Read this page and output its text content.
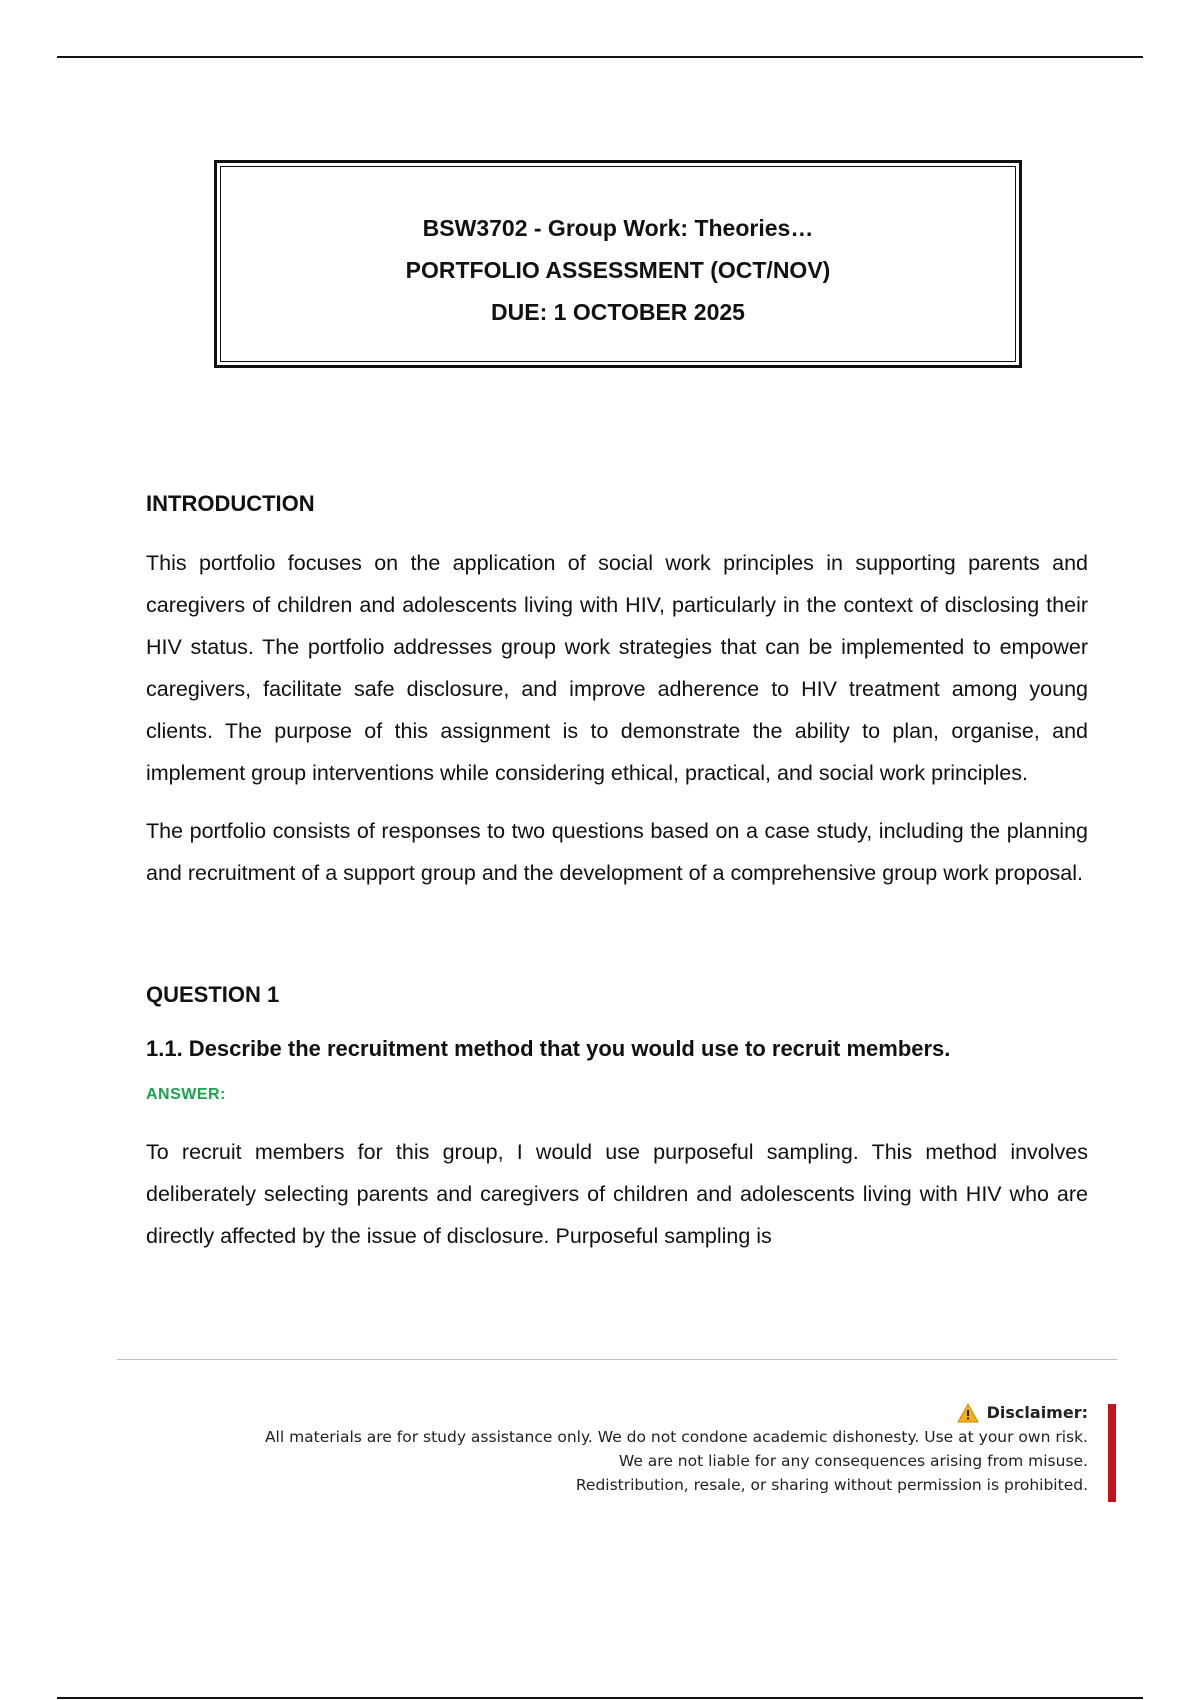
BSW3702 - Group Work: Theories…

PORTFOLIO ASSESSMENT (OCT/NOV)

DUE: 1 OCTOBER 2025

INTRODUCTION

This portfolio focuses on the application of social work principles in supporting parents and caregivers of children and adolescents living with HIV, particularly in the context of disclosing their HIV status. The portfolio addresses group work strategies that can be implemented to empower caregivers, facilitate safe disclosure, and improve adherence to HIV treatment among young clients. The purpose of this assignment is to demonstrate the ability to plan, organise, and implement group interventions while considering ethical, practical, and social work principles.

The portfolio consists of responses to two questions based on a case study, including the planning and recruitment of a support group and the development of a comprehensive group work proposal.

QUESTION 1

1.1. Describe the recruitment method that you would use to recruit members.

ANSWER:

To recruit members for this group, I would use purposeful sampling. This method involves deliberately selecting parents and caregivers of children and adolescents living with HIV who are directly affected by the issue of disclosure. Purposeful sampling is

Disclaimer:
All materials are for study assistance only. We do not condone academic dishonesty. Use at your own risk.
We are not liable for any consequences arising from misuse.
Redistribution, resale, or sharing without permission is prohibited.
